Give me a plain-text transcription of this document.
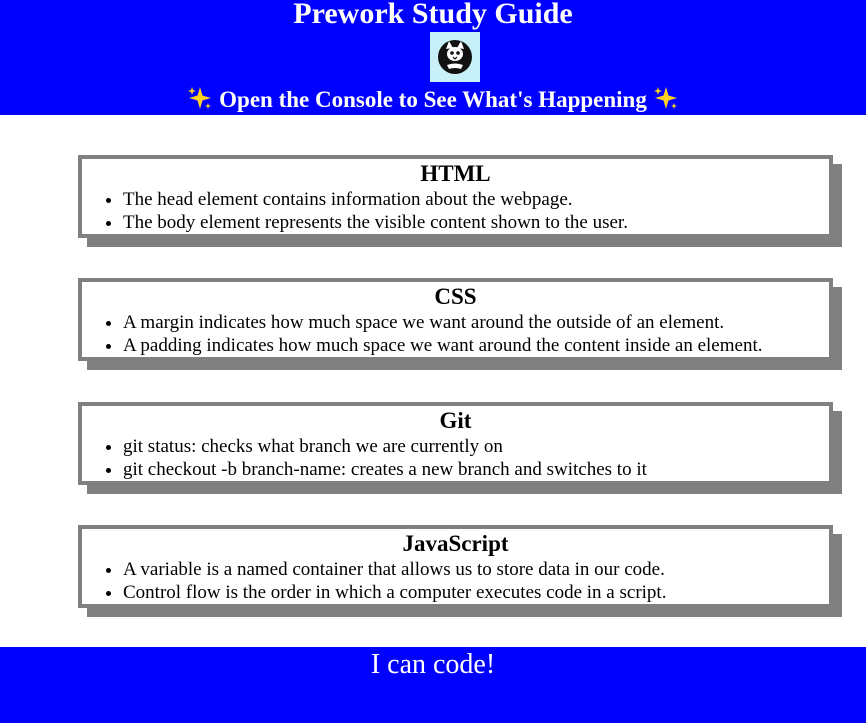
Prework Study Guide
Open the Console to See What's Happening
HTML
• The head element contains information about the webpage.
• The body element represents the visible content shown to the user.
CSS
• A margin indicates how much space we want around the outside of an element.
• A padding indicates how much space we want around the content inside an element.
Git
• git status: checks what branch we are currently on
• git checkout -b branch-name: creates a new branch and switches to it
JavaScript
• A variable is a named container that allows us to store data in our code.
• Control flow is the order in which a computer executes code in a script.
I can code!
